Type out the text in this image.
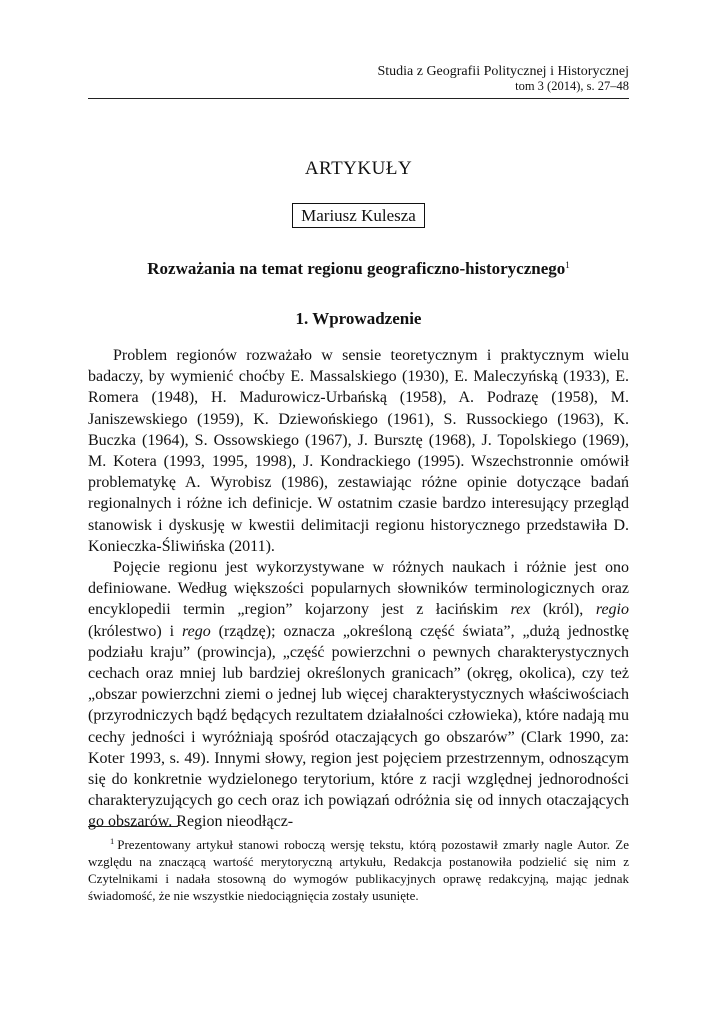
Studia z Geografii Politycznej i Historycznej
tom 3 (2014), s. 27–48
ARTYKUŁY
Mariusz Kulesza
Rozważania na temat regionu geograficzno-historycznego$^1$
1. Wprowadzenie

Problem regionów rozważało w sensie teoretycznym i praktycznym wielu badaczy, by wymienić choćby E. Massalskiego (1930), E. Maleczyńską (1933), E. Romera (1948), H. Madurowicz-Urbańską (1958), A. Podrazę (1958), M. Janiszewskiego (1959), K. Dziewońskiego (1961), S. Russockiego (1963), K. Buczka (1964), S. Ossowskiego (1967), J. Bursztę (1968), J. Topolskiego (1969), M. Kotera (1993, 1995, 1998), J. Kondrackiego (1995). Wszechstronnie omówił problematykę A. Wyrobisz (1986), zestawiając różne opinie dotyczące badań regionalnych i różne ich definicje. W ostatnim czasie bardzo interesujący przegląd stanowisk i dyskusję w kwestii delimitacji regionu historycznego przedstawiła D. Konieczka-Śliwińska (2011).

Pojęcie regionu jest wykorzystywane w różnych naukach i różnie jest ono definiowane. Według większości popularnych słowników terminologicznych oraz encyklopedii termin „region” kojarzony jest z łacińskim rex (król), regio (królestwo) i rego (rządzę); oznacza „określoną część świata”, „dużą jednostkę podziału kraju” (prowincja), „część powierzchni o pewnych charakterystycznych cechach oraz mniej lub bardziej określonych granicach” (okręg, okolica), czy też „obszar powierzchni ziemi o jednej lub więcej charakterystycznych właściwościach (przyrodniczych bądź będących rezultatem działalności człowieka), które nadają mu cechy jedności i wyróżniają spośród otaczających go obszarów” (Clark 1990, za: Koter 1993, s. 49). Innymi słowy, region jest pojęciem przestrzennym, odnoszącym się do konkretnie wydzielonego terytorium, które z racji względnej jednorodności charakteryzujących go cech oraz ich powiązań odróżnia się od innych otaczających go obszarów. Region nieodłącz-

$^1$ Prezentowany artykuł stanowi roboczą wersję tekstu, którą pozostawił zmarły nagle Autor. Ze względu na znaczącą wartość merytoryczną artykułu, Redakcja postanowiła podzielić się nim z Czytelnikami i nadała stosowną do wymogów publikacyjnych oprawę redakcyjną, mając jednak świadomość, że nie wszystkie niedociągnięcia zostały usunięte.
